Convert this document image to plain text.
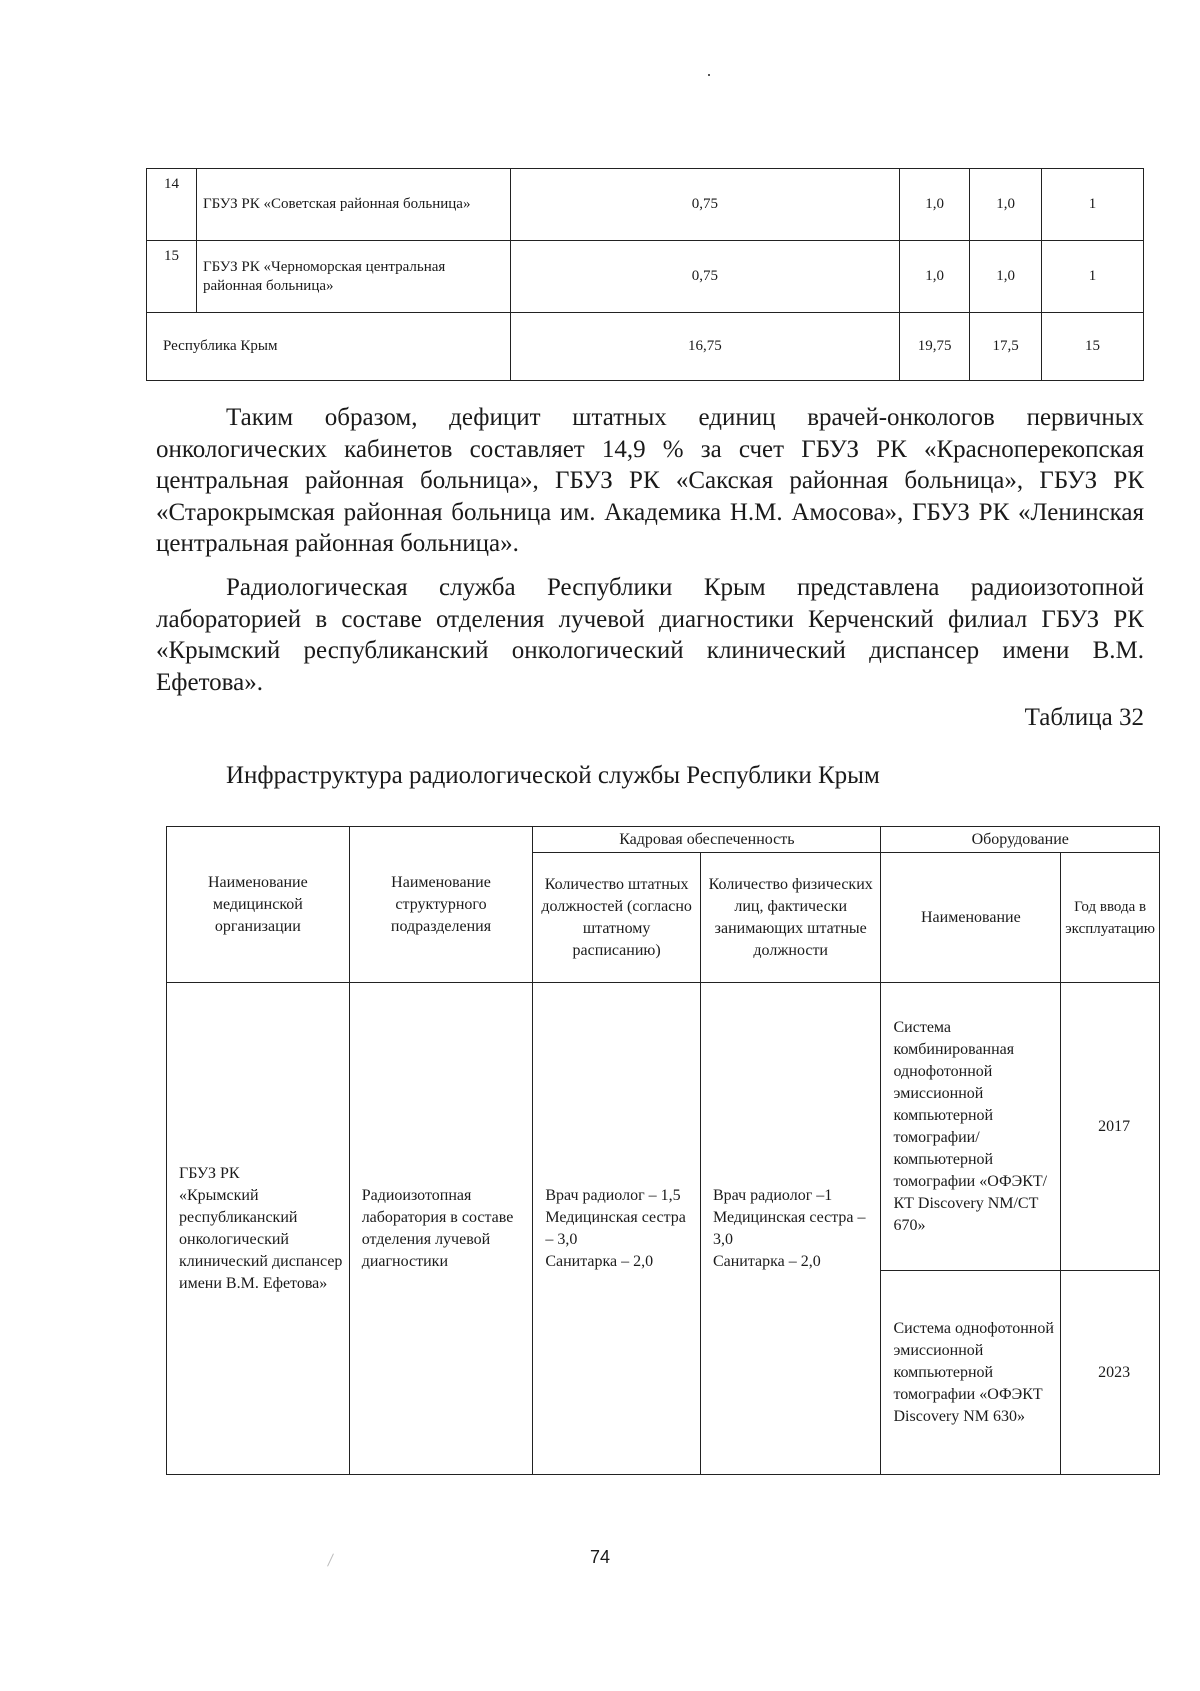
14	ГБУЗ РК «Советская районная больница»	0,75	1,0	1,0	1
15	ГБУЗ РК «Черноморская центральная районная больница»	0,75	1,0	1,0	1
Республика Крым		16,75	19,75	17,5	15

Таким образом, дефицит штатных единиц врачей-онкологов первичных онкологических кабинетов составляет 14,9 % за счет ГБУЗ РК «Красноперекопская центральная районная больница», ГБУЗ РК «Сакская районная больница», ГБУЗ РК «Старокрымская районная больница им. Академика Н.М. Амосова», ГБУЗ РК «Ленинская центральная районная больница».

Радиологическая служба Республики Крым представлена радиоизотопной лабораторией в составе отделения лучевой диагностики Керченский филиал ГБУЗ РК «Крымский республиканский онкологический клинический диспансер имени В.М. Ефетова».

Таблица 32
Инфраструктура радиологической службы Республики Крым
Наименование медицинской организации	Наименование структурного подразделения	Кадровая обеспеченность		Оборудование	
		Количество штатных должностей (согласно штатному расписанию)	Количество физических лиц, фактически занимающих штатные должности	Наименование	Год ввода в эксплуатацию
ГБУЗ РК
«Крымский республиканский онкологический клинический диспансер имени В.М. Ефетова»	Радиоизотопная лаборатория в составе отделения лучевой диагностики	Врач радиолог – 1,5
Медицинская сестра – 3,0
Санитарка – 2,0	Врач радиолог –1
Медицинская сестра – 3,0
Санитарка – 2,0	Система комбинированная однофотонной эмиссионной компьютерной томографии/ компьютерной томографии «ОФЭКТ/КТ Discovery NM/CT 670»	2017
				Система однофотонной эмиссионной компьютерной томографии «ОФЭКТ Discovery NM 630»	2023
74
